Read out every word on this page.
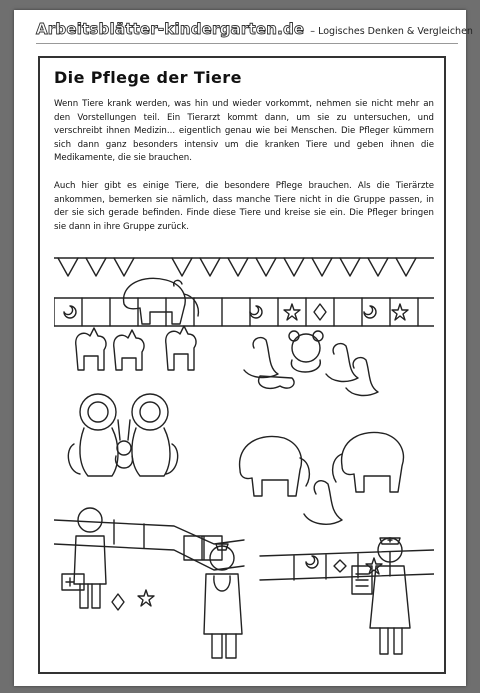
Arbeitsblätter-kindergarten.de – Logisches Denken & Vergleichen
Die Pflege der Tiere

Wenn Tiere krank werden, was hin und wieder vorkommt, nehmen sie nicht mehr an den Vorstellungen teil. Ein Tierarzt kommt dann, um sie zu untersuchen, und verschreibt ihnen Medizin... eigentlich genau wie bei Menschen. Die Pfleger kümmern sich dann ganz besonders intensiv um die kranken Tiere und geben ihnen die Medikamente, die sie brauchen.

Auch hier gibt es einige Tiere, die besondere Pflege brauchen. Als die Tierärzte ankommen, bemerken sie nämlich, dass manche Tiere nicht in die Gruppe passen, in der sie sich gerade befinden. Finde diese Tiere und kreise sie ein. Die Pfleger bringen sie dann in ihre Gruppe zurück.
